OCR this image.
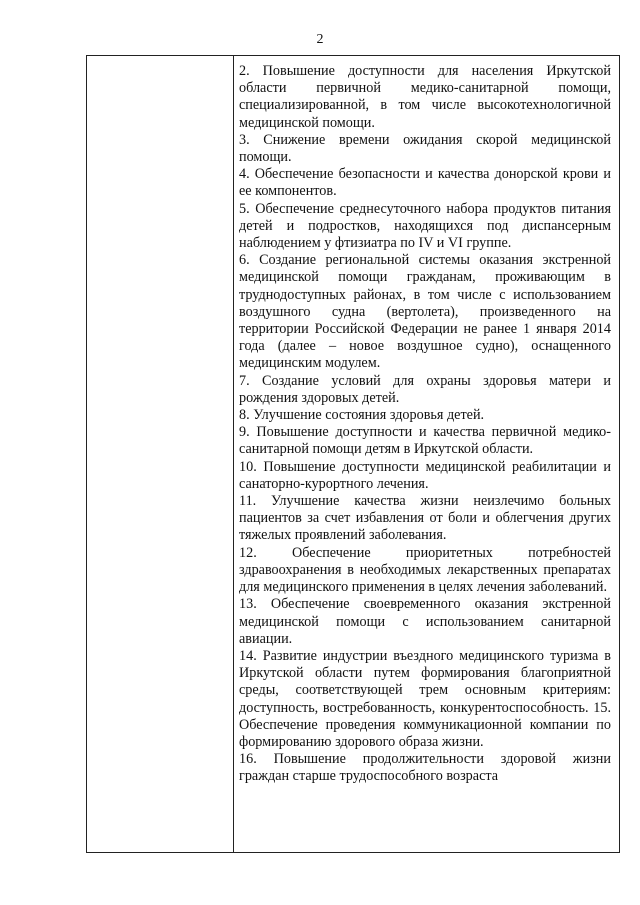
2

2. Повышение доступности для населения Иркутской области первичной медико-санитарной помощи, специализированной, в том числе высокотехнологичной медицинской помощи.

3. Снижение времени ожидания скорой медицинской помощи.

4. Обеспечение безопасности и качества донорской крови и ее компонентов.

5. Обеспечение среднесуточного набора продуктов питания детей и подростков, находящихся под диспансерным наблюдением у фтизиатра по IV и VI группе.

6. Создание региональной системы оказания экстренной медицинской помощи гражданам, проживающим в труднодоступных районах, в том числе с использованием воздушного судна (вертолета), произведенного на территории Российской Федерации не ранее 1 января 2014 года (далее – новое воздушное судно), оснащенного медицинским модулем.

7. Создание условий для охраны здоровья матери и рождения здоровых детей.

8. Улучшение состояния здоровья детей.

9. Повышение доступности и качества первичной медико-санитарной помощи детям в Иркутской области.

10. Повышение доступности медицинской реабилитации и санаторно-курортного лечения.

11. Улучшение качества жизни неизлечимо больных пациентов за счет избавления от боли и облегчения других тяжелых проявлений заболевания.

12. Обеспечение приоритетных потребностей здравоохранения в необходимых лекарственных препаратах для медицинского применения в целях лечения заболеваний.

13. Обеспечение своевременного оказания экстренной медицинской помощи с использованием санитарной авиации.

14. Развитие индустрии въездного медицинского туризма в Иркутской области путем формирования благоприятной среды, соответствующей трем основным критериям: доступность, востребованность, конкурентоспособность. 15. Обеспечение проведения коммуникационной компании по формированию здорового образа жизни.

16. Повышение продолжительности здоровой жизни граждан старше трудоспособного возраста
